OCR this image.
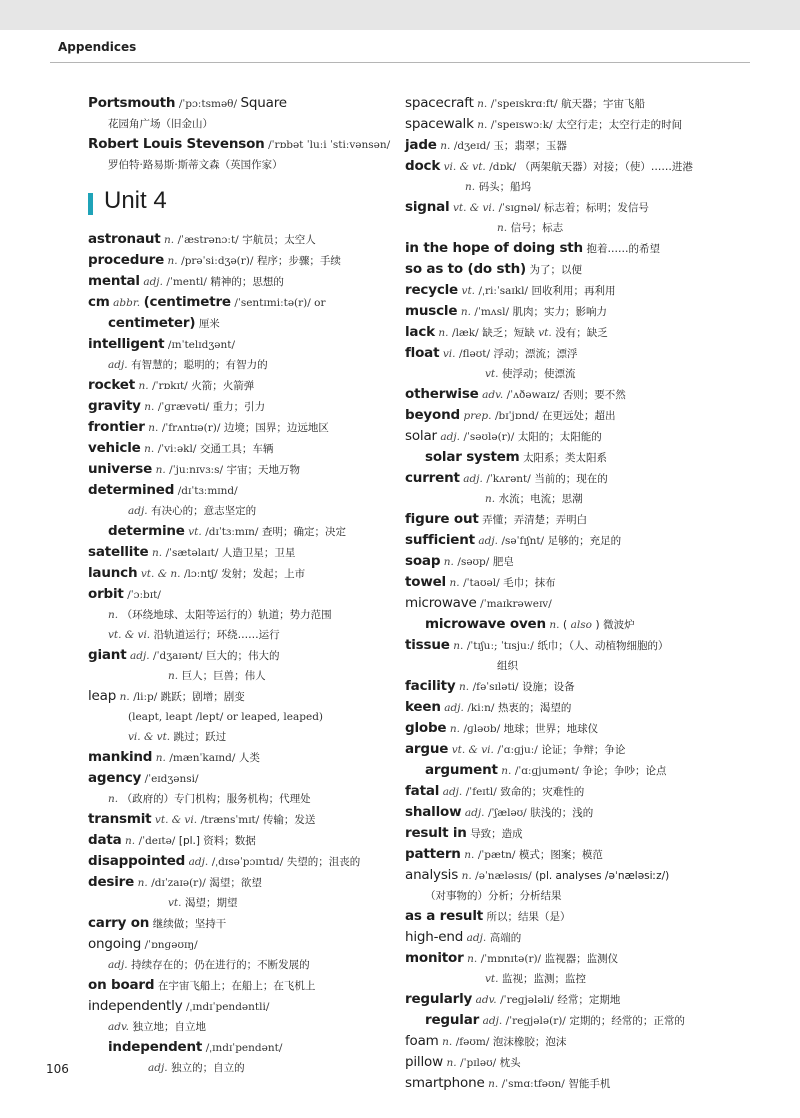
Appendices
Portsmouth /ˈpɔːtsməθ/ Square
花园角广场（旧金山）
Robert Louis Stevenson /ˈrɒbət ˈluːi ˈstiːvənsən/
罗伯特·路易斯·斯蒂文森（英国作家）
Unit 4
astronaut n. /ˈæstrənɔːt/ 宇航员；太空人
procedure n. /prəˈsiːdʒə(r)/ 程序；步骤；手续
mental adj. /ˈmentl/ 精神的；思想的
cm abbr. (centimetre /ˈsentɪmiːtə(r)/ or
centimeter) 厘米
intelligent /ɪnˈtelɪdʒənt/
adj. 有智慧的；聪明的；有智力的
rocket n. /ˈrɒkɪt/ 火箭；火箭弹
gravity n. /ˈɡrævəti/ 重力；引力
frontier n. /ˈfrʌntɪə(r)/ 边境；国界；边远地区
vehicle n. /ˈviːəkl/ 交通工具；车辆
universe n. /ˈjuːnɪvɜːs/ 宇宙；天地万物
determined /dɪˈtɜːmɪnd/
adj. 有决心的；意志坚定的
determine vt. /dɪˈtɜːmɪn/ 查明；确定；决定
satellite n. /ˈsætəlaɪt/ 人造卫星；卫星
launch vt. & n. /lɔːntʃ/ 发射；发起；上市
orbit /ˈɔːbɪt/
n. （环绕地球、太阳等运行的）轨道；势力范围
vt. & vi. 沿轨道运行；环绕……运行
giant adj. /ˈdʒaɪənt/ 巨大的；伟大的
n. 巨人；巨兽；伟人
leap n. /liːp/ 跳跃；剧增；剧变
(leapt, leapt /lept/ or leaped, leaped)
vi. & vt. 跳过；跃过
mankind n. /mænˈkaɪnd/ 人类
agency /ˈeɪdʒənsi/
n. （政府的）专门机构；服务机构；代理处
transmit vt. & vi. /trænsˈmɪt/ 传输；发送
data n. /ˈdeɪtə/ [pl.] 资料；数据
disappointed adj. /ˌdɪsəˈpɔɪntɪd/ 失望的；沮丧的
desire n. /dɪˈzaɪə(r)/ 渴望；欲望
vt. 渴望；期望
carry on 继续做；坚持干
ongoing /ˈɒnɡəʊɪŋ/
adj. 持续存在的；仍在进行的；不断发展的
on board 在宇宙飞船上；在船上；在飞机上
independently /ˌɪndɪˈpendəntli/
adv. 独立地；自立地
independent /ˌɪndɪˈpendənt/
adj. 独立的；自立的
spacecraft n. /ˈspeɪskrɑːft/ 航天器；宇宙飞船
spacewalk n. /ˈspeɪswɔːk/ 太空行走；太空行走的时间
jade n. /dʒeɪd/ 玉；翡翠；玉器
dock vi. & vt. /dɒk/ （两架航天器）对接；（使）……进港
n. 码头；船坞
signal vt. & vi. /ˈsɪɡnəl/ 标志着；标明；发信号
n. 信号；标志
in the hope of doing sth 抱着……的希望
so as to (do sth) 为了；以便
recycle vt. /ˌriːˈsaɪkl/ 回收利用；再利用
muscle n. /ˈmʌsl/ 肌肉；实力；影响力
lack n. /læk/ 缺乏；短缺 vt. 没有；缺乏
float vi. /fləʊt/ 浮动；漂流；漂浮
vt. 使浮动；使漂流
otherwise adv. /ˈʌðəwaɪz/ 否则；要不然
beyond prep. /bɪˈjɒnd/ 在更远处；超出
solar adj. /ˈsəʊlə(r)/ 太阳的；太阳能的
solar system 太阳系；类太阳系
current adj. /ˈkʌrənt/ 当前的；现在的
n. 水流；电流；思潮
figure out 弄懂；弄清楚；弄明白
sufficient adj. /səˈfɪʃnt/ 足够的；充足的
soap n. /səʊp/ 肥皂
towel n. /ˈtaʊəl/ 毛巾；抹布
microwave /ˈmaɪkrəweɪv/
microwave oven n. ( also ) 微波炉
tissue n. /ˈtɪʃuː; ˈtɪsjuː/ 纸巾；（人、动植物细胞的）
组织
facility n. /fəˈsɪləti/ 设施；设备
keen adj. /kiːn/ 热衷的；渴望的
globe n. /ɡləʊb/ 地球；世界；地球仪
argue vt. & vi. /ˈɑːɡjuː/ 论证；争辩；争论
argument n. /ˈɑːɡjumənt/ 争论；争吵；论点
fatal adj. /ˈfeɪtl/ 致命的；灾难性的
shallow adj. /ˈʃæləʊ/ 肤浅的；浅的
result in 导致；造成
pattern n. /ˈpætn/ 模式；图案；模范
analysis n. /əˈnæləsɪs/ (pl. analyses /əˈnæləsiːz/)
（对事物的）分析；分析结果
as a result 所以；结果（是）
high-end adj. 高端的
monitor n. /ˈmɒnɪtə(r)/ 监视器；监测仪
vt. 监视；监测；监控
regularly adv. /ˈreɡjələli/ 经常；定期地
regular adj. /ˈreɡjələ(r)/ 定期的；经常的；正常的
foam n. /fəʊm/ 泡沫橡胶；泡沫
pillow n. /ˈpɪləʊ/ 枕头
smartphone n. /ˈsmɑːtfəʊn/ 智能手机
106
